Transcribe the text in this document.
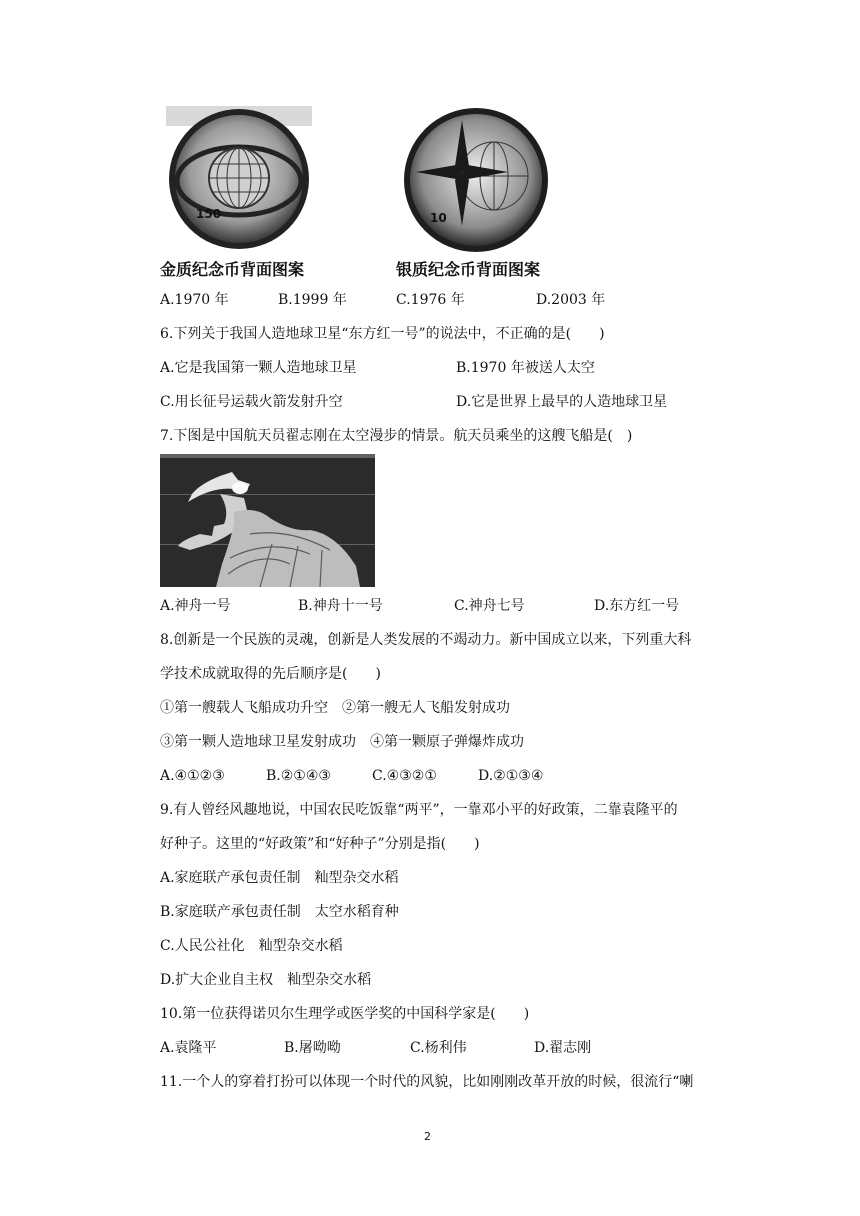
150	10
金质纪念币背面图案	银质纪念币背面图案
A.1970 年	B.1999 年	C.1976 年	D.2003 年
6.下列关于我国人造地球卫星“东方红一号”的说法中，不正确的是(　　)
A.它是我国第一颗人造地球卫星	B.1970 年被送人太空
C.用长征号运载火箭发射升空	D.它是世界上最早的人造地球卫星
7.下图是中国航天员翟志刚在太空漫步的情景。航天员乘坐的这艘飞船是(　)
A.神舟一号	B.神舟十一号	C.神舟七号	D.东方红一号
8.创新是一个民族的灵魂，创新是人类发展的不竭动力。新中国成立以来，下列重大科
学技术成就取得的先后顺序是(　　)
①第一艘载人飞船成功升空　②第一艘无人飞船发射成功
③第一颗人造地球卫星发射成功　④第一颗原子弹爆炸成功
A.④①②③	B.②①④③	C.④③②①	D.②①③④
9.有人曾经风趣地说，中国农民吃饭靠“两平”，一靠邓小平的好政策，二靠袁隆平的
好种子。这里的“好政策”和“好种子”分别是指(　　)
A.家庭联产承包责任制　籼型杂交水稻
B.家庭联产承包责任制　太空水稻育种
C.人民公社化　籼型杂交水稻
D.扩大企业自主权　籼型杂交水稻
10.第一位获得诺贝尔生理学或医学奖的中国科学家是(　　)
A.袁隆平	B.屠呦呦	C.杨利伟	D.翟志刚
11.一个人的穿着打扮可以体现一个时代的风貌，比如刚刚改革开放的时候，很流行“喇
2
